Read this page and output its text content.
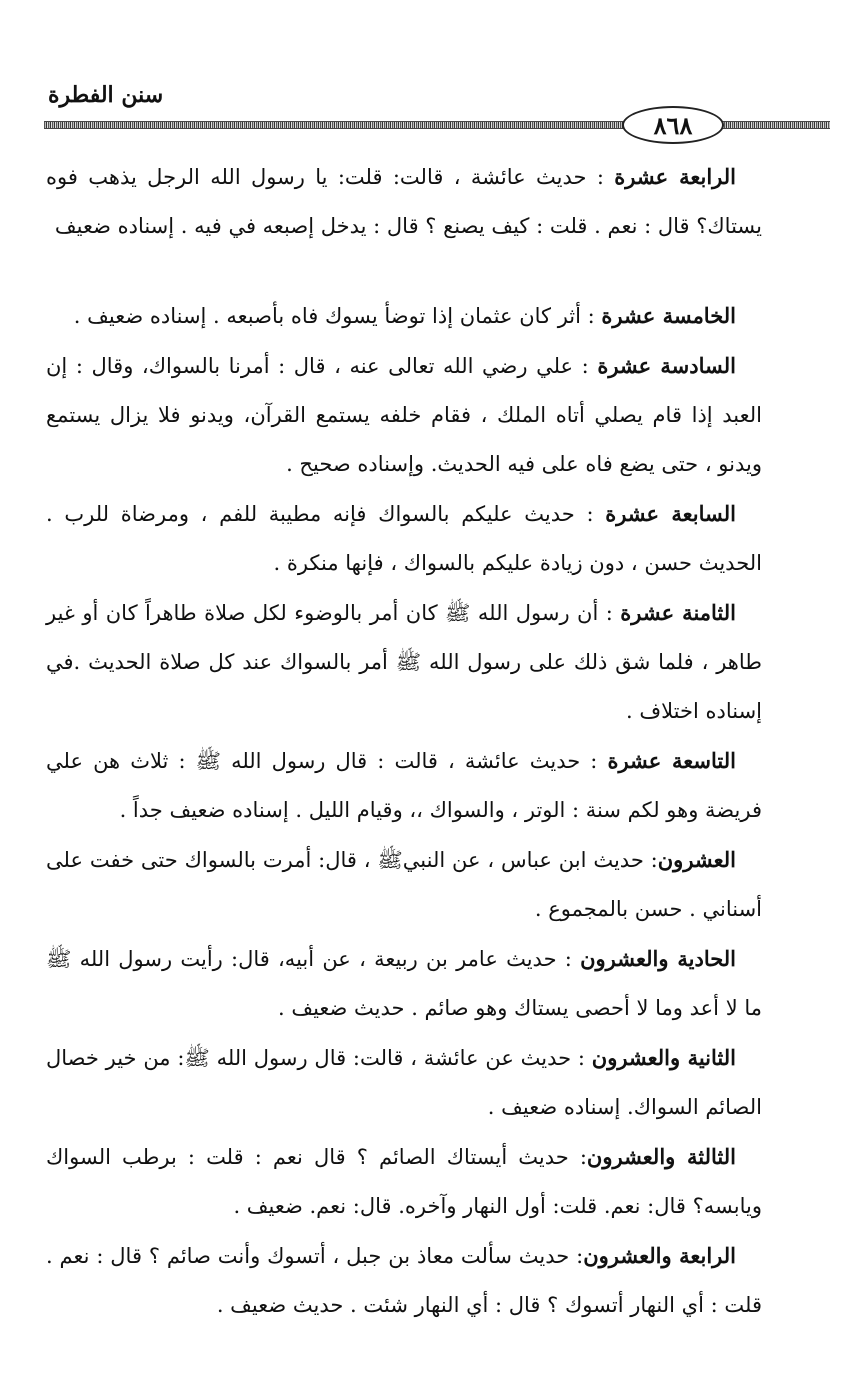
سنن الفطرة
٨٦٨

الرابعة عشرة : حديث عائشة ، قالت: قلت: يا رسول الله الرجل يذهب فوه يستاك؟ قال : نعم . قلت : كيف يصنع ؟ قال : يدخل إصبعه في فيه . إسناده ضعيف

الخامسة عشرة : أثر كان عثمان إذا توضأ يسوك فاه بأصبعه . إسناده ضعيف .

السادسة عشرة : علي رضي الله تعالى عنه ، قال : أمرنا بالسواك، وقال : إن العبد إذا قام يصلي أتاه الملك ، فقام خلفه يستمع القرآن، ويدنو فلا يزال يستمع ويدنو ، حتى يضع فاه على فيه الحديث. وإسناده صحيح .

السابعة عشرة : حديث عليكم بالسواك فإنه مطيبة للفم ، ومرضاة للرب . الحديث حسن ، دون زيادة عليكم بالسواك ، فإنها منكرة .

الثامنة عشرة : أن رسول الله ﷺ كان أمر بالوضوء لكل صلاة طاهراً كان أو غير طاهر ، فلما شق ذلك على رسول الله ﷺ أمر بالسواك عند كل صلاة الحديث .في إسناده اختلاف .

التاسعة عشرة : حديث عائشة ، قالت : قال رسول الله ﷺ : ثلاث هن علي فريضة وهو لكم سنة : الوتر ، والسواك ،، وقيام الليل . إسناده ضعيف جداً .

العشرون: حديث ابن عباس ، عن النبيﷺ ، قال: أمرت بالسواك حتى خفت على أسناني . حسن بالمجموع .

الحادية والعشرون : حديث عامر بن ربيعة ، عن أبيه، قال: رأيت رسول الله ﷺ ما لا أعد وما لا أحصى يستاك وهو صائم . حديث ضعيف .

الثانية والعشرون : حديث عن عائشة ، قالت: قال رسول الله ﷺ: من خير خصال الصائم السواك. إسناده ضعيف .

الثالثة والعشرون: حديث أيستاك الصائم ؟ قال نعم : قلت : برطب السواك ويابسه؟ قال: نعم. قلت: أول النهار وآخره. قال: نعم. ضعيف .

الرابعة والعشرون: حديث سألت معاذ بن جبل ، أتسوك وأنت صائم ؟ قال : نعم . قلت : أي النهار أتسوك ؟ قال : أي النهار شئت . حديث ضعيف .
